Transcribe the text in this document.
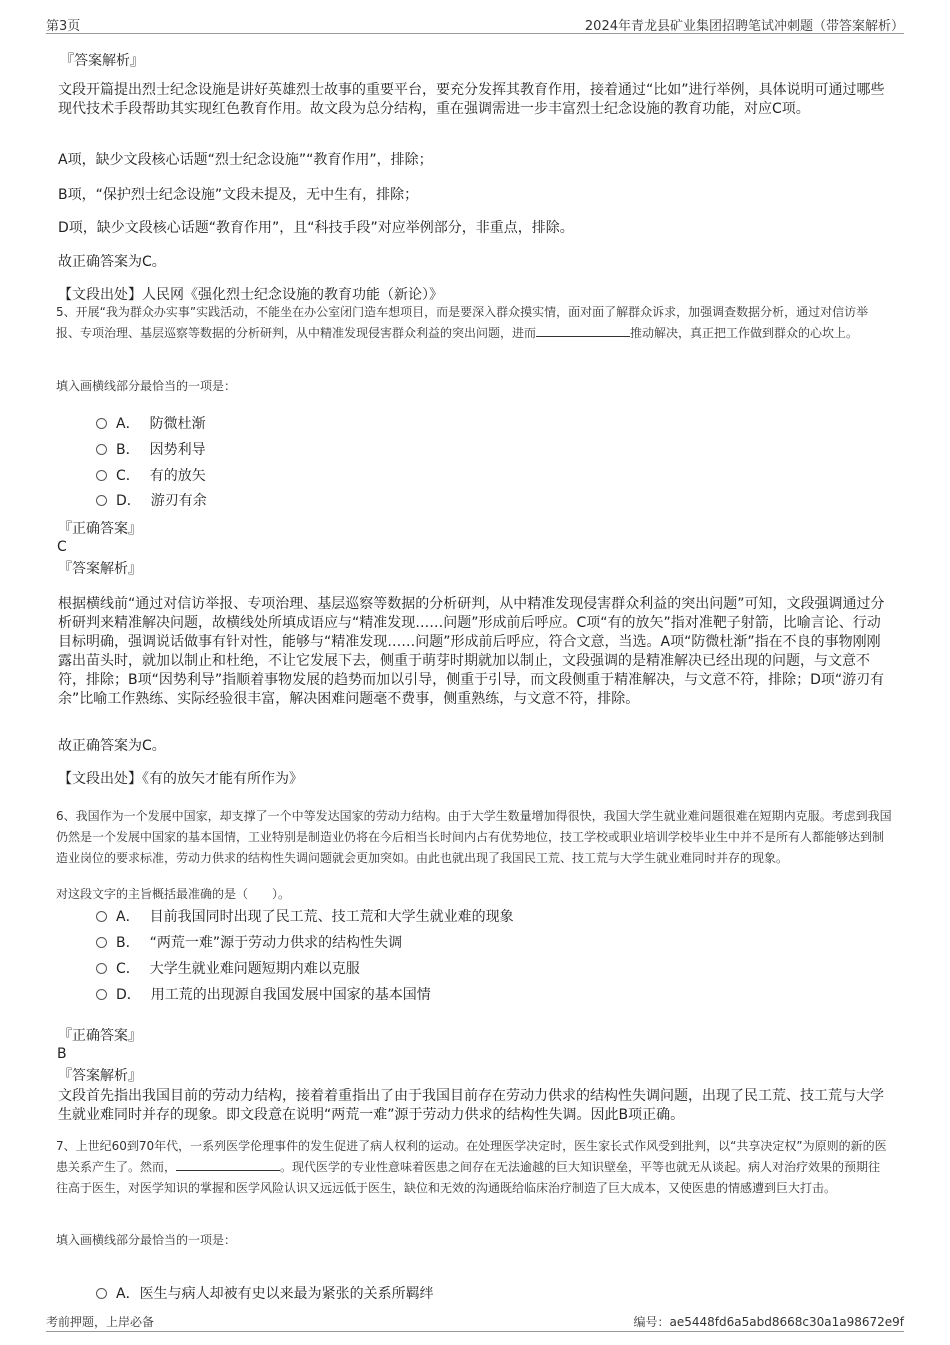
第3页	2024年青龙县矿业集团招聘笔试冲刺题（带答案解析）
『答案解析』
文段开篇提出烈士纪念设施是讲好英雄烈士故事的重要平台，要充分发挥其教育作用，接着通过“比如”进行举例，具体说明可通过哪些现代技术手段帮助其实现红色教育作用。故文段为总分结构，重在强调需进一步丰富烈士纪念设施的教育功能，对应C项。
A项，缺少文段核心话题“烈士纪念设施”“教育作用”，排除；
B项，“保护烈士纪念设施”文段未提及，无中生有，排除；
D项，缺少文段核心话题“教育作用”，且“科技手段”对应举例部分，非重点，排除。
故正确答案为C。
【文段出处】人民网《强化烈士纪念设施的教育功能（新论）》
5、开展“我为群众办实事”实践活动，不能坐在办公室闭门造车想项目，而是要深入群众摸实情，面对面了解群众诉求，加强调查数据分析，通过对信访举报、专项治理、基层巡察等数据的分析研判，从中精准发现侵害群众利益的突出问题，进而	推动解决，真正把工作做到群众的心坎上。
填入画横线部分最恰当的一项是：
A． 防微杜渐
B． 因势利导
C． 有的放矢
D． 游刃有余
『正确答案』
C
『答案解析』
根据横线前“通过对信访举报、专项治理、基层巡察等数据的分析研判，从中精准发现侵害群众利益的突出问题”可知，文段强调通过分析研判来精准解决问题，故横线处所填成语应与“精准发现……问题”形成前后呼应。C项“有的放矢”指对准靶子射箭，比喻言论、行动目标明确，强调说话做事有针对性，能够与“精准发现……问题”形成前后呼应，符合文意，当选。A项“防微杜渐”指在不良的事物刚刚露出苗头时，就加以制止和杜绝，不让它发展下去，侧重于萌芽时期就加以制止，文段强调的是精准解决已经出现的问题，与文意不符，排除；B项“因势利导”指顺着事物发展的趋势而加以引导，侧重于引导，而文段侧重于精准解决，与文意不符，排除；D项“游刃有余”比喻工作熟练、实际经验很丰富，解决困难问题毫不费事，侧重熟练，与文意不符，排除。
故正确答案为C。
【文段出处】《有的放矢才能有所作为》
6、我国作为一个发展中国家，却支撑了一个中等发达国家的劳动力结构。由于大学生数量增加得很快，我国大学生就业难问题很难在短期内克服。考虑到我国仍然是一个发展中国家的基本国情，工业特别是制造业仍将在今后相当长时间内占有优势地位，技工学校或职业培训学校毕业生中并不是所有人都能够达到制造业岗位的要求标准，劳动力供求的结构性失调问题就会更加突如。由此也就出现了我国民工荒、技工荒与大学生就业难同时并存的现象。
对这段文字的主旨概括最准确的是（　　）。
A． 目前我国同时出现了民工荒、技工荒和大学生就业难的现象
B． “两荒一难”源于劳动力供求的结构性失调
C． 大学生就业难问题短期内难以克服
D． 用工荒的出现源自我国发展中国家的基本国情
『正确答案』
B
『答案解析』
文段首先指出我国目前的劳动力结构，接着着重指出了由于我国目前存在劳动力供求的结构性失调问题，出现了民工荒、技工荒与大学生就业难同时并存的现象。即文段意在说明“两荒一难”源于劳动力供求的结构性失调。因此B项正确。
7、上世纪60到70年代，一系列医学伦理事件的发生促进了病人权利的运动。在处理医学决定时，医生家长式作风受到批判，以“共享决定权”为原则的新的医患关系产生了。然而，	。现代医学的专业性意味着医患之间存在无法逾越的巨大知识壁垒，平等也就无从谈起。病人对治疗效果的预期往往高于医生，对医学知识的掌握和医学风险认识又远远低于医生，缺位和无效的沟通既给临床治疗制造了巨大成本，又使医患的情感遭到巨大打击。
填入画横线部分最恰当的一项是：
A．医生与病人却被有史以来最为紧张的关系所羁绊
考前押题，上岸必备	编号：ae5448fd6a5abd8668c30a1a98672e9f
